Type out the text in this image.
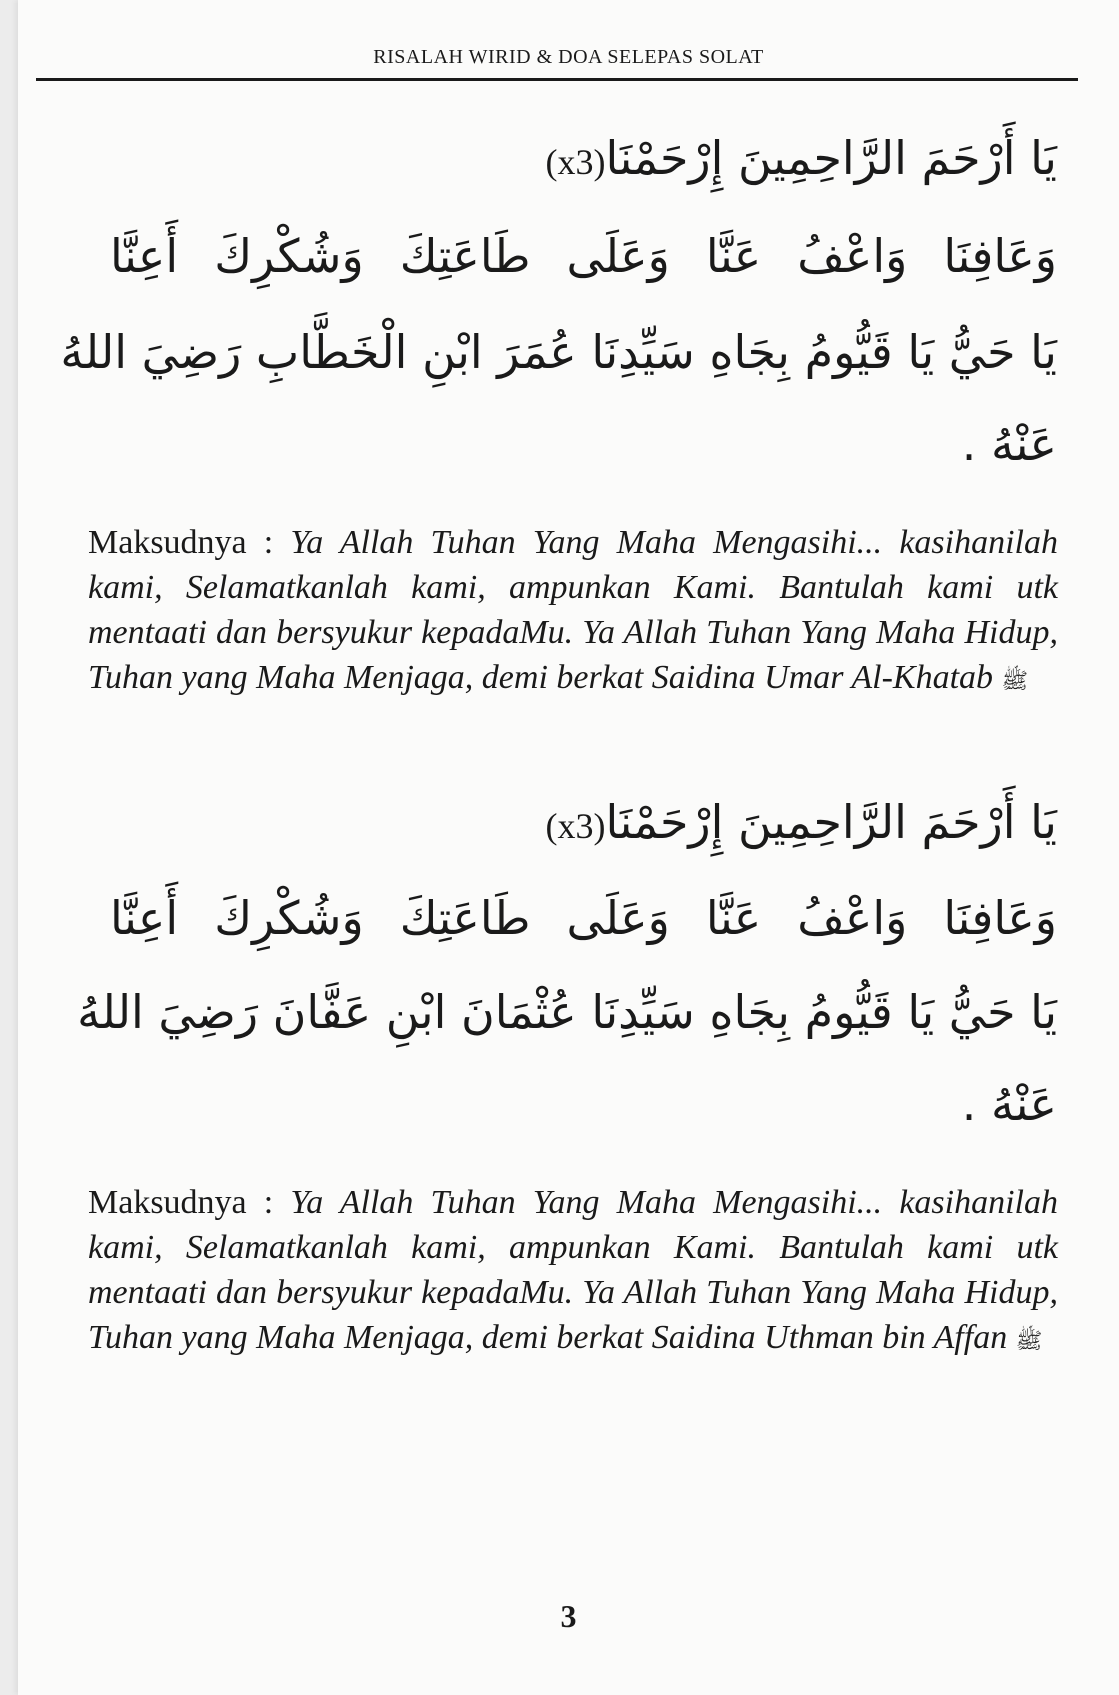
RISALAH WIRID & DOA SELEPAS SOLAT
يَا أَرْحَمَ الرَّاحِمِينَ إِرْحَمْنَا(x3)
وَعَافِنَا وَاعْفُ عَنَّا وَعَلَى طَاعَتِكَ وَشُكْرِكَ أَعِنَّا
يَا حَيُّ يَا قَيُّومُ بِجَاهِ سَيِّدِنَا عُمَرَ ابْنِ الْخَطَّابِ رَضِيَ اللهُ
عَنْهُ .
Maksudnya : Ya Allah Tuhan Yang Maha Mengasihi... kasihanilah kami, Selamatkanlah kami, ampunkan Kami. Bantulah kami utk mentaati dan bersyukur kepadaMu. Ya Allah Tuhan Yang Maha Hidup, Tuhan yang Maha Menjaga, demi berkat Saidina Umar Al-Khatab ﷺ
يَا أَرْحَمَ الرَّاحِمِينَ إِرْحَمْنَا(x3)
وَعَافِنَا وَاعْفُ عَنَّا وَعَلَى طَاعَتِكَ وَشُكْرِكَ أَعِنَّا
يَا حَيُّ يَا قَيُّومُ بِجَاهِ سَيِّدِنَا عُثْمَانَ ابْنِ عَفَّانَ رَضِيَ اللهُ
عَنْهُ .
Maksudnya : Ya Allah Tuhan Yang Maha Mengasihi... kasihanilah kami, Selamatkanlah kami, ampunkan Kami. Bantulah kami utk mentaati dan bersyukur kepadaMu. Ya Allah Tuhan Yang Maha Hidup, Tuhan yang Maha Menjaga, demi berkat Saidina Uthman bin Affan ﷺ
3
